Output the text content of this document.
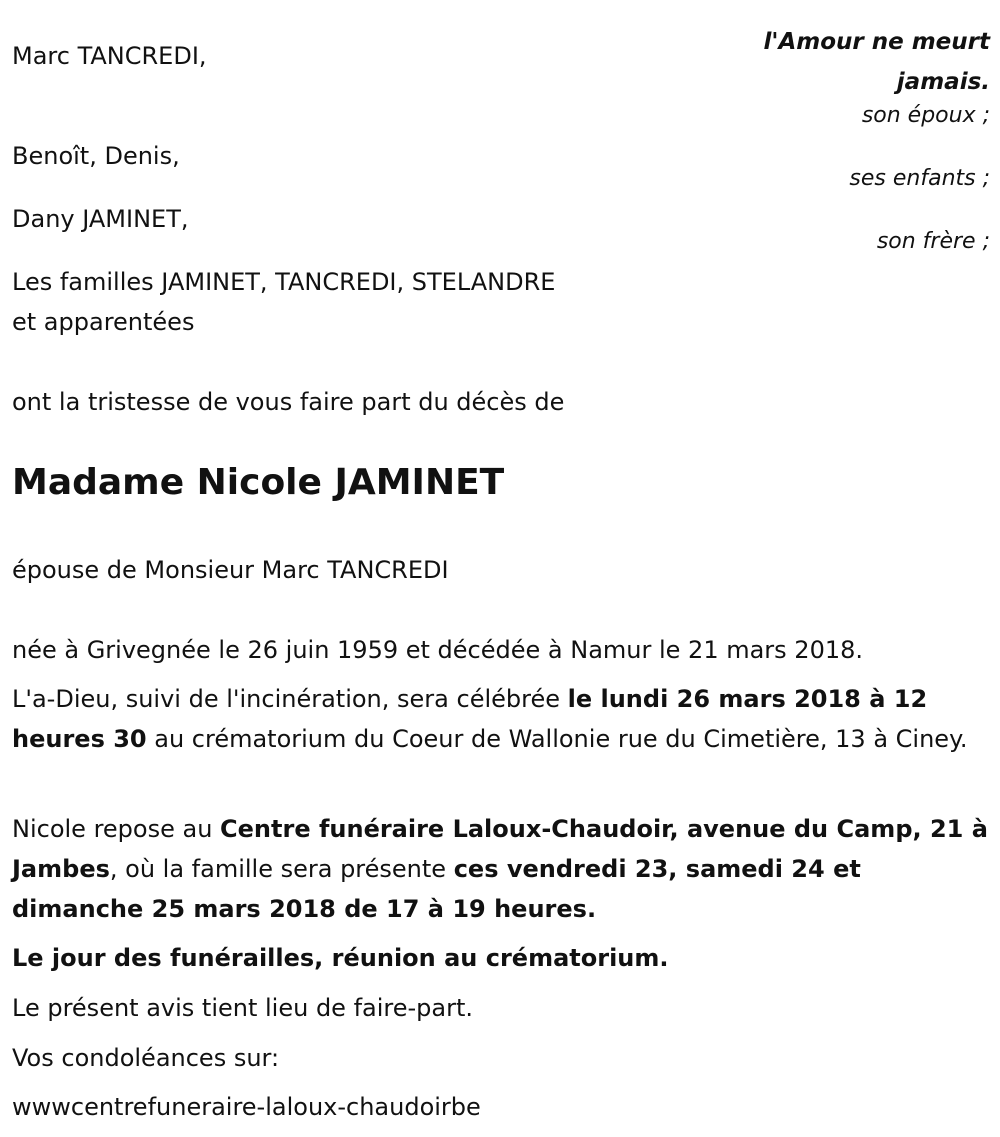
l'Amour ne meurt jamais.

Marc TANCREDI,

son époux ;

Benoît, Denis,

ses enfants ;

Dany JAMINET,

son frère ;

Les familles JAMINET, TANCREDI, STELANDRE

et apparentées

ont la tristesse de vous faire part du décès de

Madame Nicole JAMINET

épouse de Monsieur Marc TANCREDI

née à Grivegnée le 26 juin 1959 et décédée à Namur le 21 mars 2018.

L'a-Dieu, suivi de l'incinération, sera célébrée le lundi 26 mars 2018 à 12 heures 30 au crématorium du Coeur de Wallonie rue du Cimetière, 13 à Ciney.

Nicole repose au Centre funéraire Laloux-Chaudoir, avenue du Camp, 21 à Jambes, où la famille sera présente ces vendredi 23, samedi 24 et dimanche 25 mars 2018 de 17 à 19 heures.

Le jour des funérailles, réunion au crématorium.

Le présent avis tient lieu de faire-part.

Vos condoléances sur:

wwwcentrefuneraire-laloux-chaudoirbe
